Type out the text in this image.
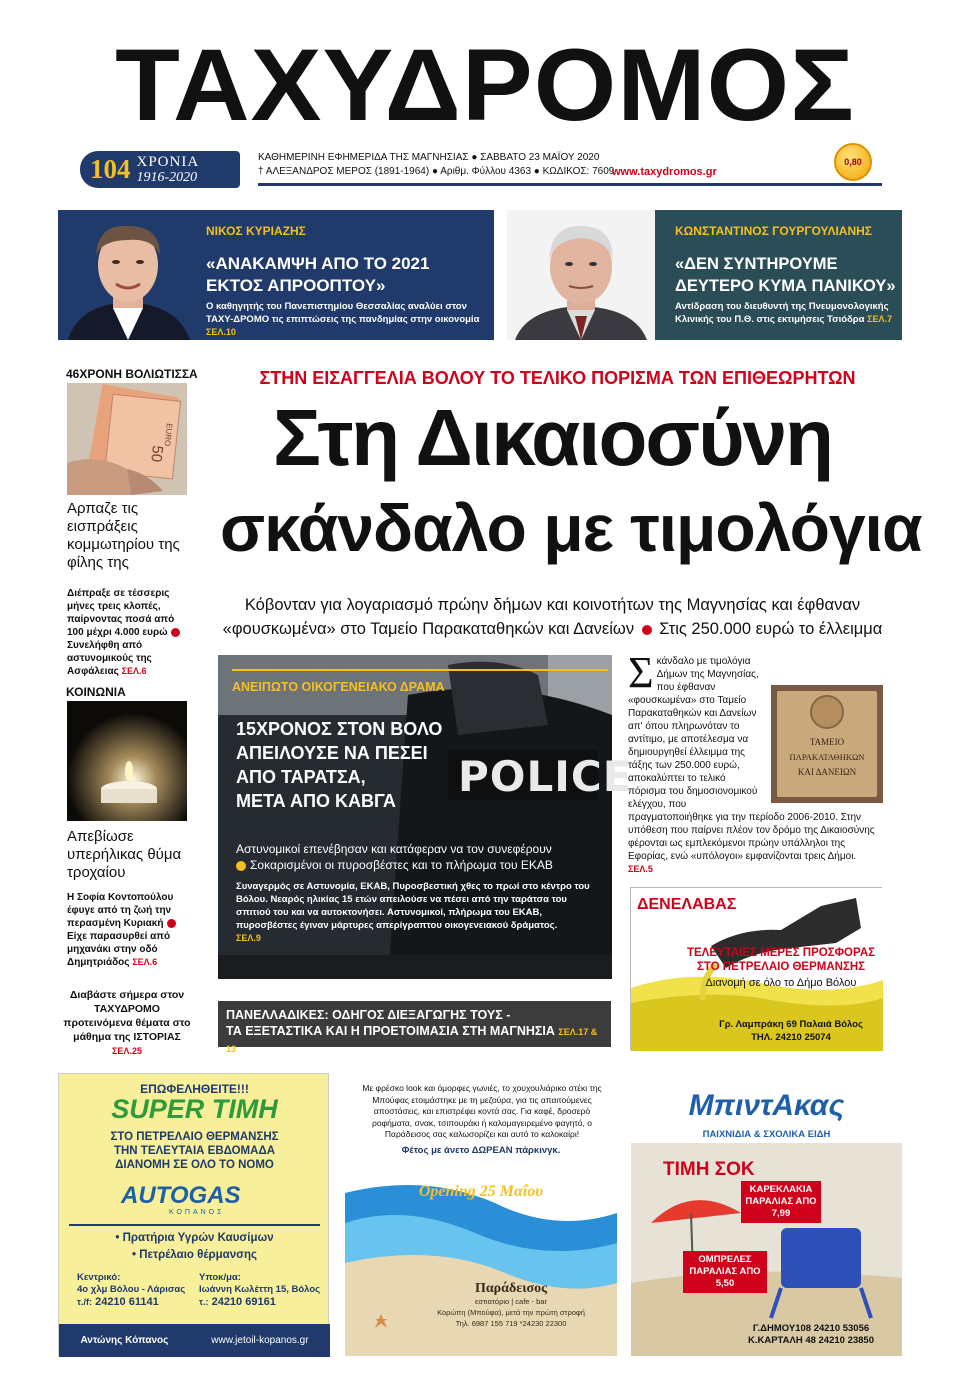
ΤΑΧΥΔΡΟΜΟΣ
104 ΧΡΟΝΙΑ
1916-2020
ΚΑΘΗΜΕΡΙΝΗ ΕΦΗΜΕΡΙΔΑ ΤΗΣ ΜΑΓΝΗΣΙΑΣ ● ΣΑΒΒΑΤΟ 23 ΜΑΪΟΥ 2020
† ΑΛΕΞΑΝΔΡΟΣ ΜΕΡΟΣ (1891-1964) ● Αριθμ. Φύλλου 4363 ● ΚΩΔΙΚΟΣ: 7609
www.taxydromos.gr
0,80
ΝΙΚΟΣ ΚΥΡΙΑΖΗΣ
«ΑΝΑΚΑΜΨΗ ΑΠΟ ΤΟ 2021
ΕΚΤΟΣ ΑΠΡΟΟΠΤΟΥ»
Ο καθηγητής του Πανεπιστημίου Θεσσαλίας αναλύει στον ΤΑΧΥ-ΔΡΟΜΟ τις επιπτώσεις της πανδημίας στην οικονομία ΣΕΛ.10
ΚΩΝΣΤΑΝΤΙΝΟΣ ΓΟΥΡΓΟΥΛΙΑΝΗΣ
«ΔΕΝ ΣΥΝΤΗΡΟΥΜΕ
ΔΕΥΤΕΡΟ ΚΥΜΑ ΠΑΝΙΚΟΥ»
Αντίδραση του διευθυντή της Πνευμονολογικής Κλινικής του Π.Θ. στις εκτιμήσεις Τσιόδρα ΣΕΛ.7
46ΧΡΟΝΗ ΒΟΛΙΩΤΙΣΣΑ
50
EURO
Αρπαζε τις εισπράξεις κομμωτηρίου της φίλης της
Διέπραξε σε τέσσερις μήνες τρεις κλοπές, παίρνοντας ποσά από 100 μέχρι 4.000 ευρώΣυνελήφθη από αστυνομικούς της Ασφάλειας ΣΕΛ.6
ΚΟΙΝΩΝΙΑ
Απεβίωσε υπερήλικας θύμα τροχαίου
Η Σοφία Κοντοπούλου έφυγε από τη ζωή την περασμένη ΚυριακήΕίχε παρασυρθεί από μηχανάκι στην οδό Δημητριάδος ΣΕΛ.6
Διαβάστε σήμερα στον ΤΑΧΥΔΡΟΜΟ προτεινόμενα θέματα στο μάθημα της ΙΣΤΟΡΙΑΣ
ΣΕΛ.25
ΣΤΗΝ ΕΙΣΑΓΓΕΛΙΑ ΒΟΛΟΥ ΤΟ ΤΕΛΙΚΟ ΠΟΡΙΣΜΑ ΤΩΝ ΕΠΙΘΕΩΡΗΤΩΝ
Στη Δικαιοσύνη
σκάνδαλο με τιμολόγια
Κόβονταν για λογαριασμό πρώην δήμων και κοινοτήτων της Μαγνησίας και έφθαναν
«φουσκωμένα» στο Ταμείο Παρακαταθηκών και Δανείων Στις 250.000 ευρώ το έλλειμμα
ΑΝΕΙΠΩΤΟ ΟΙΚΟΓΕΝΕΙΑΚΟ ΔΡΑΜΑ
POLICE
15ΧΡΟΝΟΣ ΣΤΟΝ ΒΟΛΟ
ΑΠΕΙΛΟΥΣΕ ΝΑ ΠΕΣΕΙ
ΑΠΟ ΤΑΡΑΤΣΑ,
ΜΕΤΑ ΑΠΟ ΚΑΒΓΑ
Αστυνομικοί επενέβησαν και κατάφεραν να τον συνεφέρουν
Σοκαρισμένοι οι πυροσβέστες και το πλήρωμα του ΕΚΑΒ
Συναγερμός σε Αστυνομία, ΕΚΑΒ, Πυροσβεστική χθες το πρωί στο κέντρο του Βόλου. Νεαρός ηλικίας 15 ετών απειλούσε να πέσει από την ταράτσα του σπιτιού του και να αυτοκτονήσει. Αστυνομικοί, πλήρωμα του ΕΚΑΒ, πυροσβέστες έγιναν μάρτυρες απερίγραπτου οικογενειακού δράματος.
ΣΕΛ.9
ΤΑΜΕΙΟ
ΠΑΡΑΚΑΤΑΘΗΚΩΝ
ΚΑΙ ΔΑΝΕΙΩΝ
Σ κάνδαλο με τιμολόγια Δήμων της Μαγνησίας, που έφθαναν «φουσκωμένα» στο Ταμείο Παρακαταθηκών και Δανείων απ' όπου πληρωνόταν το αντίτιμο, με αποτέλεσμα να δημιουργηθεί έλλειμμα της τάξης των 250.000 ευρώ, αποκαλύπτει το τελικό πόρισμα του δημοσιονομικού ελέγχου, που πραγματοποιήθηκε για την περίοδο 2006-2010. Στην υπόθεση που παίρνει πλέον τον δρόμο της Δικαιοσύνης φέρονται ως εμπλεκόμενοι πρώην υπάλληλοι της Εφορίας, ενώ «υπόλογοι» εμφανίζονται τρεις Δήμοι.
ΣΕΛ.5
ΔΕΝΕΛΑΒΑΣ
ΤΕΛΕΥΤΑΙΕΣ ΜΕΡΕΣ ΠΡΟΣΦΟΡΑΣ
ΣΤΟ ΠΕΤΡΕΛΑΙΟ ΘΕΡΜΑΝΣΗΣ
Διανομή σε όλο το Δήμο Βόλου
Γρ. Λαμπράκη 69 Παλαιά Βόλος
ΤΗΛ. 24210 25074
ΠΑΝΕΛΛΑΔΙΚΕΣ: ΟΔΗΓΟΣ ΔΙΕΞΑΓΩΓΗΣ ΤΟΥΣ -
ΤΑ ΕΞΕΤΑΣΤΙΚΑ ΚΑΙ Η ΠΡΟΕΤΟΙΜΑΣΙΑ ΣΤΗ ΜΑΓΝΗΣΙΑ ΣΕΛ.17 & 13
ΕΠΩΦΕΛΗΘΕΙΤΕ!!!
SUPER TIMH
ΣΤΟ ΠΕΤΡΕΛΑΙΟ ΘΕΡΜΑΝΣΗΣ
ΤΗΝ ΤΕΛΕΥΤΑΙΑ ΕΒΔΟΜΑΔΑ
ΔΙΑΝΟΜΗ ΣΕ ΟΛΟ ΤΟ ΝΟΜΟ
AUTOGAS
ΚΟΠΑΝΟΣ
• Πρατήρια Υγρών Καυσίμων
• Πετρέλαιο θέρμανσης
Κεντρικό:
4ο χλμ Βόλου - Λάρισας
τ./f: 24210 61141
Υποκ/μα:
Ιωάννη Κωλέττη 15, Βόλος
τ.: 24210 69161
Αντώνης Κόπανος	www.jetoil-kopanos.gr
Με φρέσκο look και όμορφες γωνιές, το χουχουλιάρικο στέκι της Μπούφας ετοιμάστηκε με τη μεζούρα, για τις απαιτούμενες αποστάσεις, και επιστρέφει κοντά σας. Για καφέ, δροσερό ροφήματα, σνακ, τσιπουράκι ή καλομαγειρεμένο φαγητό, ο Παράδεισος σας καλωσορίζει και αυτό το καλοκαίρι!
Φέτος με άνετο ΔΩΡΕΑΝ πάρκινγκ.
Opening 25 Μαΐου
Παράδεισος
εστιατόριο | cafe - bar
Κορώπη (Μπούφα), μετά την πρώτη στροφή
Τηλ. 6987 155 719 *24230 22300
ΜπιντΑκας
ΠΑΙΧΝΙΔΙΑ & ΣΧΟΛΙΚΑ ΕΙΔΗ
ΤΙΜΗ ΣΟΚ
ΚΑΡΕΚΛΑΚΙΑ ΠΑΡΑΛΙΑΣ ΑΠΟ 7,99
ΟΜΠΡΕΛΕΣ ΠΑΡΑΛΙΑΣ ΑΠΟ 5,50
Γ.ΔΗΜΟΥ108 24210 53056
Κ.ΚΑΡΤΑΛΗ 48 24210 23850
